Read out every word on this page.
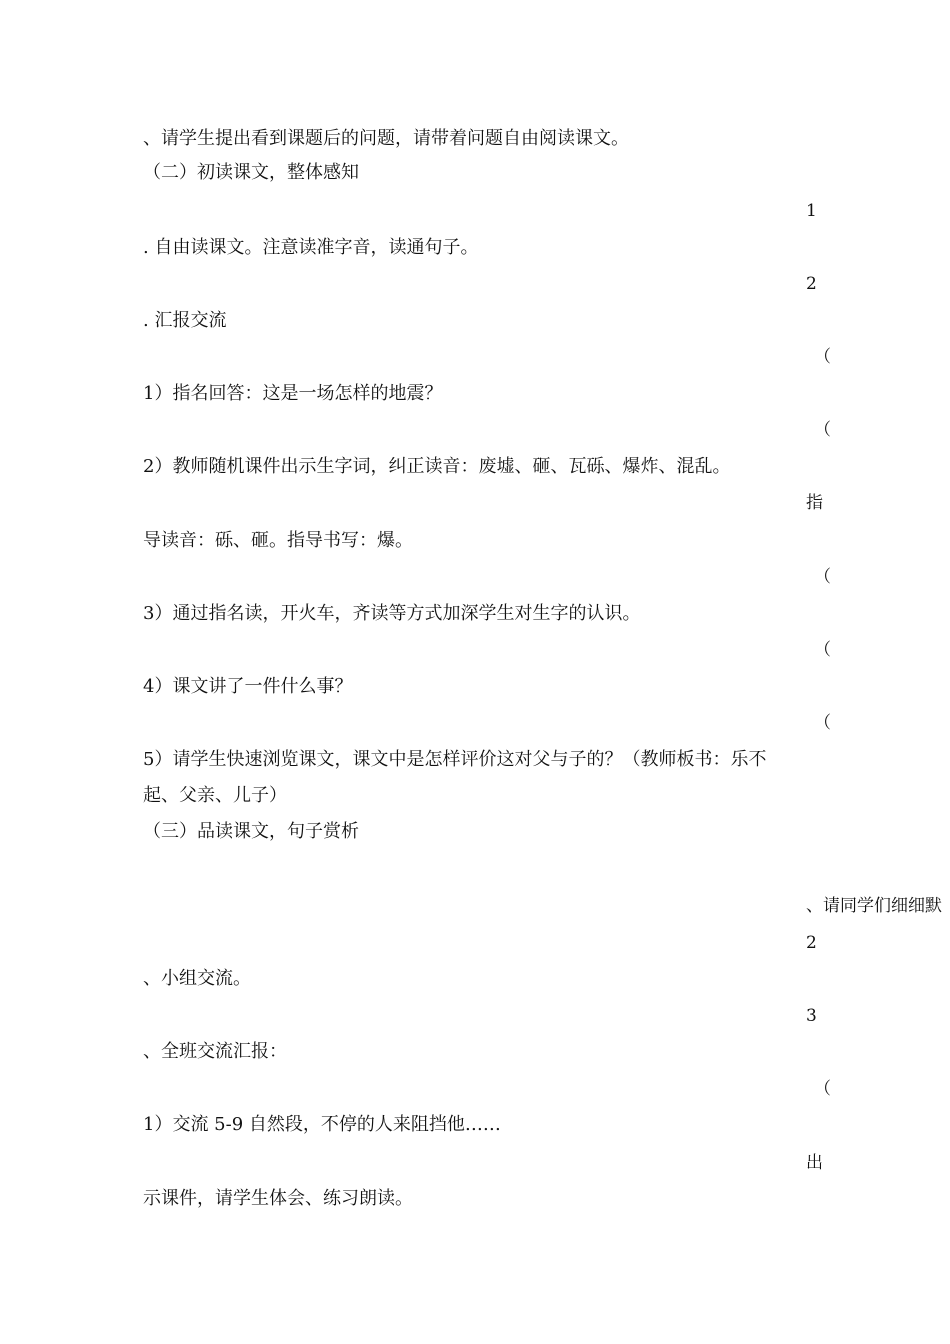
、请学生提出看到课题后的问题，请带着问题自由阅读课文。
（二）初读课文，整体感知
. 自由读课文。注意读准字音，读通句子。
. 汇报交流
1）指名回答：这是一场怎样的地震？
2）教师随机课件出示生字词，纠正读音：废墟、砸、瓦砾、爆炸、混乱。
导读音：砾、砸。指导书写：爆。
3）通过指名读，开火车，齐读等方式加深学生对生字的认识。
4）课文讲了一件什么事？
5）请学生快速浏览课文，课文中是怎样评价这对父与子的？（教师板书：乐不
起、父亲、儿子）
（三）品读课文，句子赏析
、小组交流。
、全班交流汇报：
1）交流 5-9 自然段，不停的人来阻挡他……
示课件，请学生体会、练习朗读。
1
2
（
（
指
（
（
（
、请同学们细细默
2
3
（
出
